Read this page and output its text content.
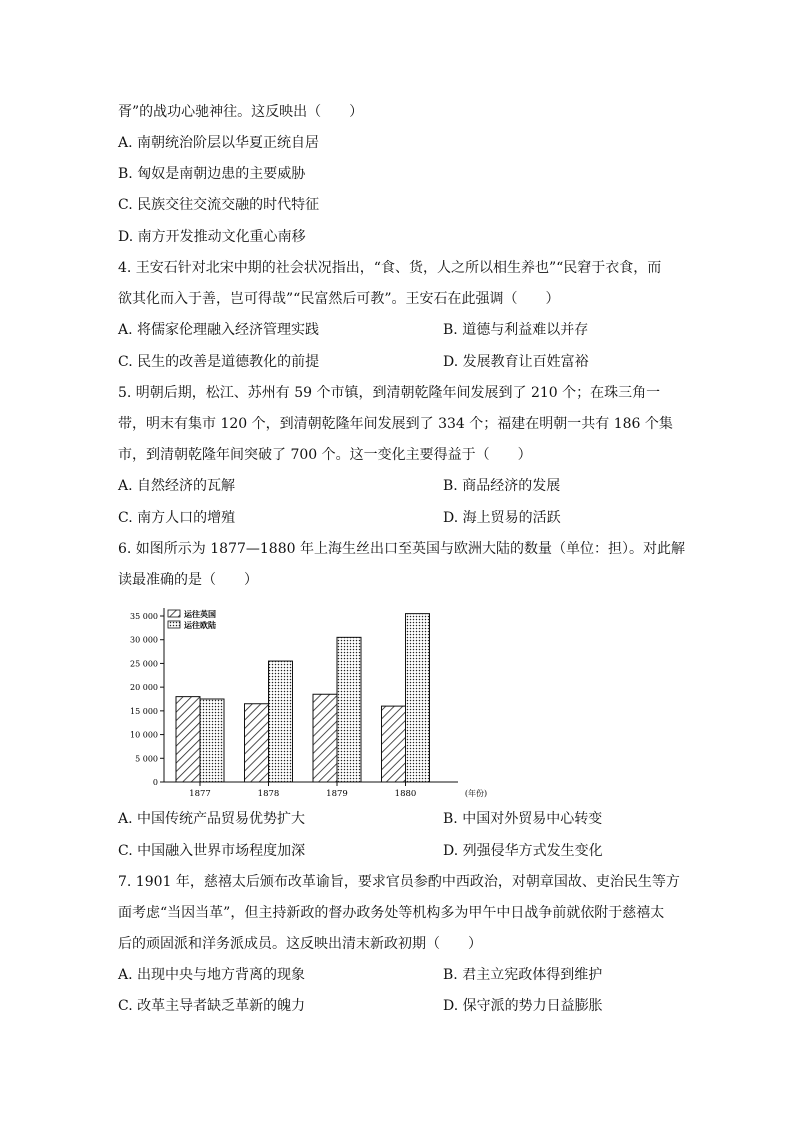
胥”的战功心驰神往。这反映出（　　）
A. 南朝统治阶层以华夏正统自居
B. 匈奴是南朝边患的主要威胁
C. 民族交往交流交融的时代特征
D. 南方开发推动文化重心南移
4. 王安石针对北宋中期的社会状况指出，“食、货，人之所以相生养也”“民窘于衣食，而
欲其化而入于善，岂可得哉”“民富然后可教”。王安石在此强调（　　）
A. 将儒家伦理融入经济管理实践	B. 道德与利益难以并存
C. 民生的改善是道德教化的前提	D. 发展教育让百姓富裕
5. 明朝后期，松江、苏州有 59 个市镇，到清朝乾隆年间发展到了 210 个；在珠三角一
带，明末有集市 120 个，到清朝乾隆年间发展到了 334 个；福建在明朝一共有 186 个集
市，到清朝乾隆年间突破了 700 个。这一变化主要得益于（　　）
A. 自然经济的瓦解	B. 商品经济的发展
C. 南方人口的增殖	D. 海上贸易的活跃
6. 如图所示为 1877—1880 年上海生丝出口至英国与欧洲大陆的数量（单位：担）。对此解
读最准确的是（　　）
0
5 000
10 000
15 000
20 000
25 000
30 000
35 000
1877	1878	1879	1880	(年份)
运往英国
运往欧陆
A. 中国传统产品贸易优势扩大	B. 中国对外贸易中心转变
C. 中国融入世界市场程度加深	D. 列强侵华方式发生变化
7. 1901 年，慈禧太后颁布改革谕旨，要求官员参酌中西政治，对朝章国故、吏治民生等方
面考虑“当因当革”，但主持新政的督办政务处等机构多为甲午中日战争前就依附于慈禧太
后的顽固派和洋务派成员。这反映出清末新政初期（　　）
A. 出现中央与地方背离的现象	B. 君主立宪政体得到维护
C. 改革主导者缺乏革新的魄力	D. 保守派的势力日益膨胀
